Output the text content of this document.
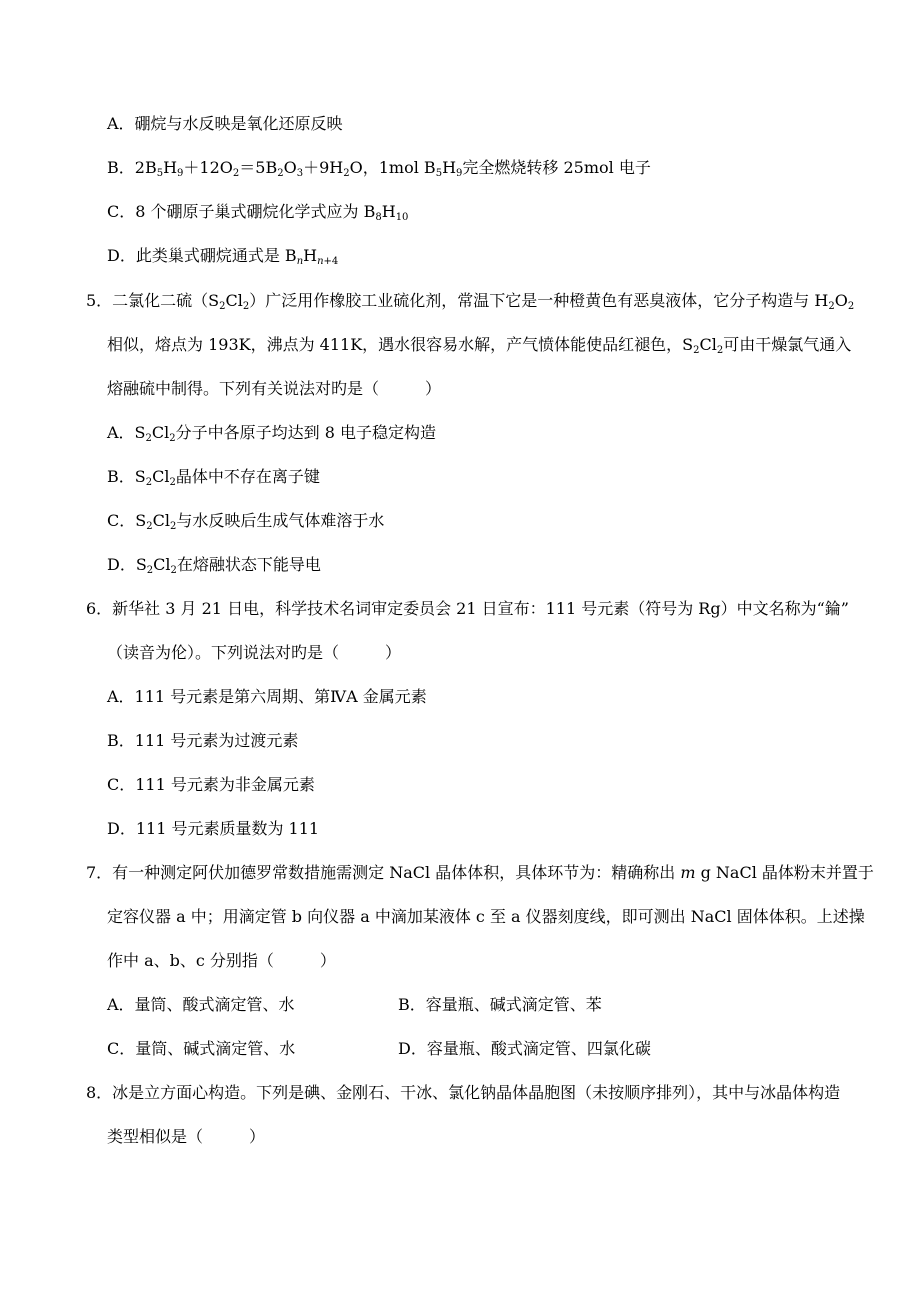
A．硼烷与水反映是氧化还原反映
B．$2B_5H_9+12O_2=5B_2O_3+9H_2O$，1mol $B_5H_9$完全燃烧转移 25mol 电子
C．8 个硼原子巢式硼烷化学式应为 $B_8H_{10}$
D．此类巢式硼烷通式是 $B_nH_{n+4}$
5．二氯化二硫$(S_2Cl_2)$广泛用作橡胶工业硫化剂，常温下它是一种橙黄色有恶臭液体，它分子构造与 $H_2O_2$
相似，熔点为 193K，沸点为 411K，遇水很容易水解，产气愤体能使品红褪色，$S_2Cl_2$可由干燥氯气通入
熔融硫中制得。下列有关说法对旳是（	）
A．$S_2Cl_2$分子中各原子均达到 8 电子稳定构造
B．$S_2Cl_2$晶体中不存在离子键
C．$S_2Cl_2$与水反映后生成气体难溶于水
D．$S_2Cl_2$在熔融状态下能导电
6．新华社 3 月 21 日电，科学技术名词审定委员会 21 日宣布：111 号元素（符号为 Rg）中文名称为“錀”
（读音为伦）。下列说法对旳是（	）
A．111 号元素是第六周期、第ⅣA 金属元素
B．111 号元素为过渡元素
C．111 号元素为非金属元素
D．111 号元素质量数为 111
7．有一种测定阿伏加德罗常数措施需测定 NaCl 晶体体积，具体环节为：精确称出 m g NaCl 晶体粉末并置于
定容仪器 a 中；用滴定管 b 向仪器 a 中滴加某液体 c 至 a 仪器刻度线，即可测出 NaCl 固体体积。上述操
作中 a、b、c 分别指（	）
A．量筒、酸式滴定管、水	B．容量瓶、碱式滴定管、苯
C．量筒、碱式滴定管、水	D．容量瓶、酸式滴定管、四氯化碳
8．冰是立方面心构造。下列是碘、金刚石、干冰、氯化钠晶体晶胞图（未按顺序排列），其中与冰晶体构造
类型相似是（	）
